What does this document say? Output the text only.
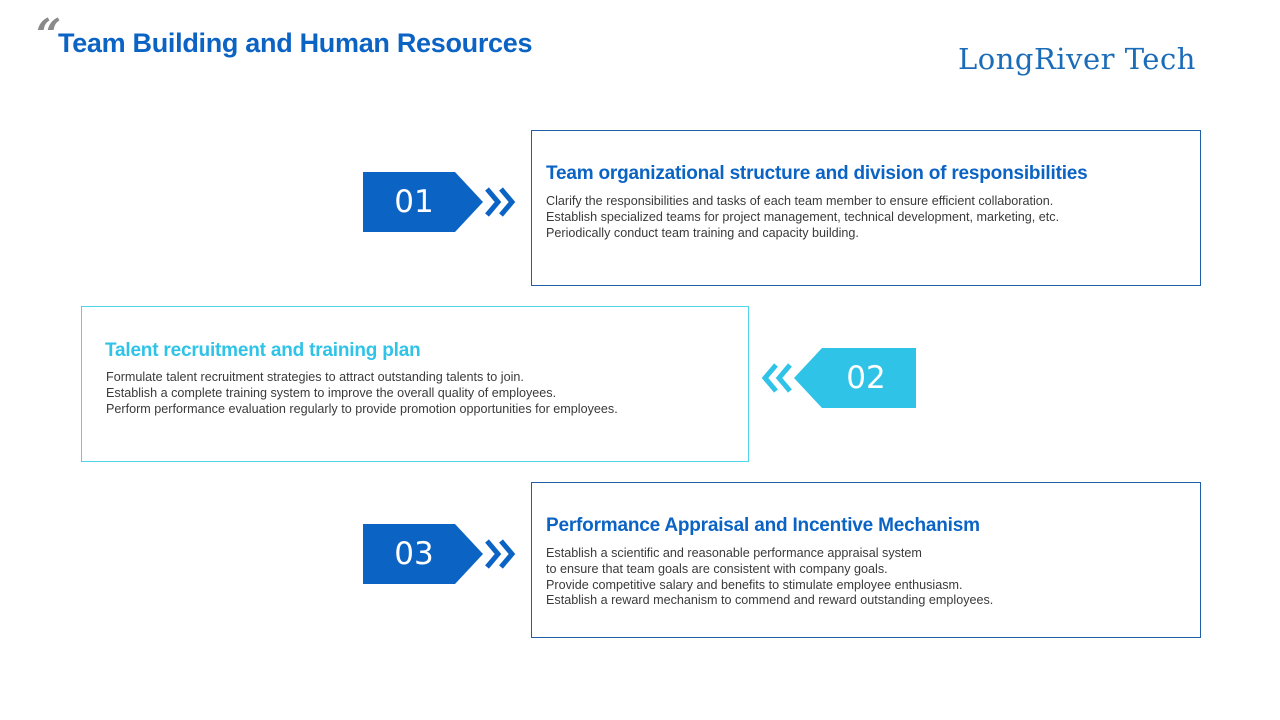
“
Team Building and Human Resources	LongRiver Tech
01
Team organizational structure and division of responsibilities
Clarify the responsibilities and tasks of each team member to ensure efficient collaboration.
Establish specialized teams for project management, technical development, marketing, etc.
Periodically conduct team training and capacity building.
Talent recruitment and training plan
Formulate talent recruitment strategies to attract outstanding talents to join.
Establish a complete training system to improve the overall quality of employees.
Perform performance evaluation regularly to provide promotion opportunities for employees.
02
03
Performance Appraisal and Incentive Mechanism
Establish a scientific and reasonable performance appraisal system
to ensure that team goals are consistent with company goals.
Provide competitive salary and benefits to stimulate employee enthusiasm.
Establish a reward mechanism to commend and reward outstanding employees.
